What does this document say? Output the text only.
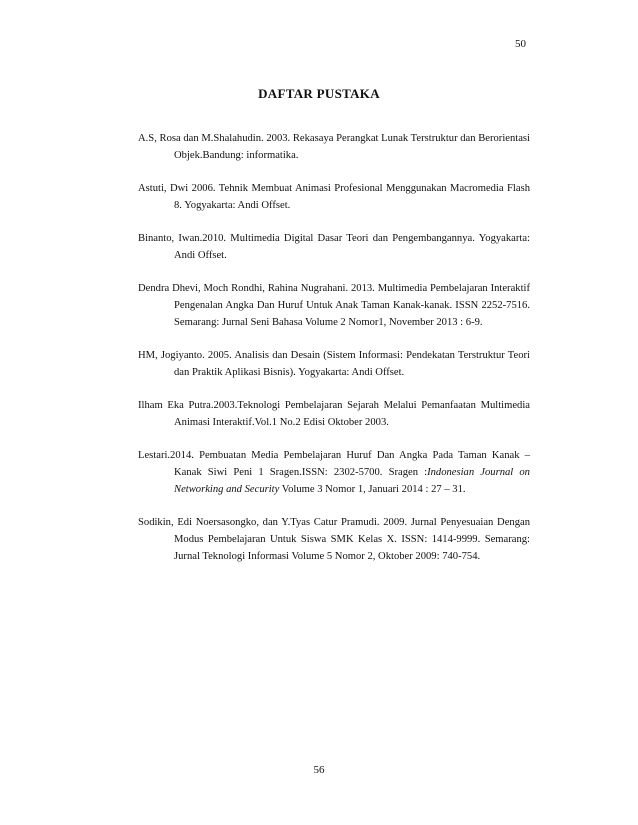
50
DAFTAR PUSTAKA
A.S, Rosa dan M.Shalahudin. 2003. Rekasaya Perangkat Lunak Terstruktur dan Berorientasi Objek.Bandung: informatika.
Astuti, Dwi 2006. Tehnik Membuat Animasi Profesional Menggunakan Macromedia Flash 8. Yogyakarta: Andi Offset.
Binanto, Iwan.2010. Multimedia Digital Dasar Teori dan Pengembangannya. Yogyakarta: Andi Offset.
Dendra Dhevi, Moch Rondhi, Rahina Nugrahani. 2013. Multimedia Pembelajaran Interaktif Pengenalan Angka Dan Huruf Untuk Anak Taman Kanak-kanak. ISSN 2252-7516. Semarang: Jurnal Seni Bahasa Volume 2 Nomor1, November 2013 : 6-9.
HM, Jogiyanto. 2005. Analisis dan Desain (Sistem Informasi: Pendekatan Terstruktur Teori dan Praktik Aplikasi Bisnis). Yogyakarta: Andi Offset.
Ilham Eka Putra.2003.Teknologi Pembelajaran Sejarah Melalui Pemanfaatan Multimedia Animasi Interaktif.Vol.1 No.2 Edisi Oktober 2003.
Lestari.2014. Pembuatan Media Pembelajaran Huruf Dan Angka Pada Taman Kanak – Kanak Siwi Peni 1 Sragen.ISSN: 2302-5700. Sragen :Indonesian Journal on Networking and Security Volume 3 Nomor 1, Januari 2014 : 27 – 31.
Sodikin, Edi Noersasongko, dan Y.Tyas Catur Pramudi. 2009. Jurnal Penyesuaian Dengan Modus Pembelajaran Untuk Siswa SMK Kelas X. ISSN: 1414-9999. Semarang: Jurnal Teknologi Informasi Volume 5 Nomor 2, Oktober 2009: 740-754.
56
